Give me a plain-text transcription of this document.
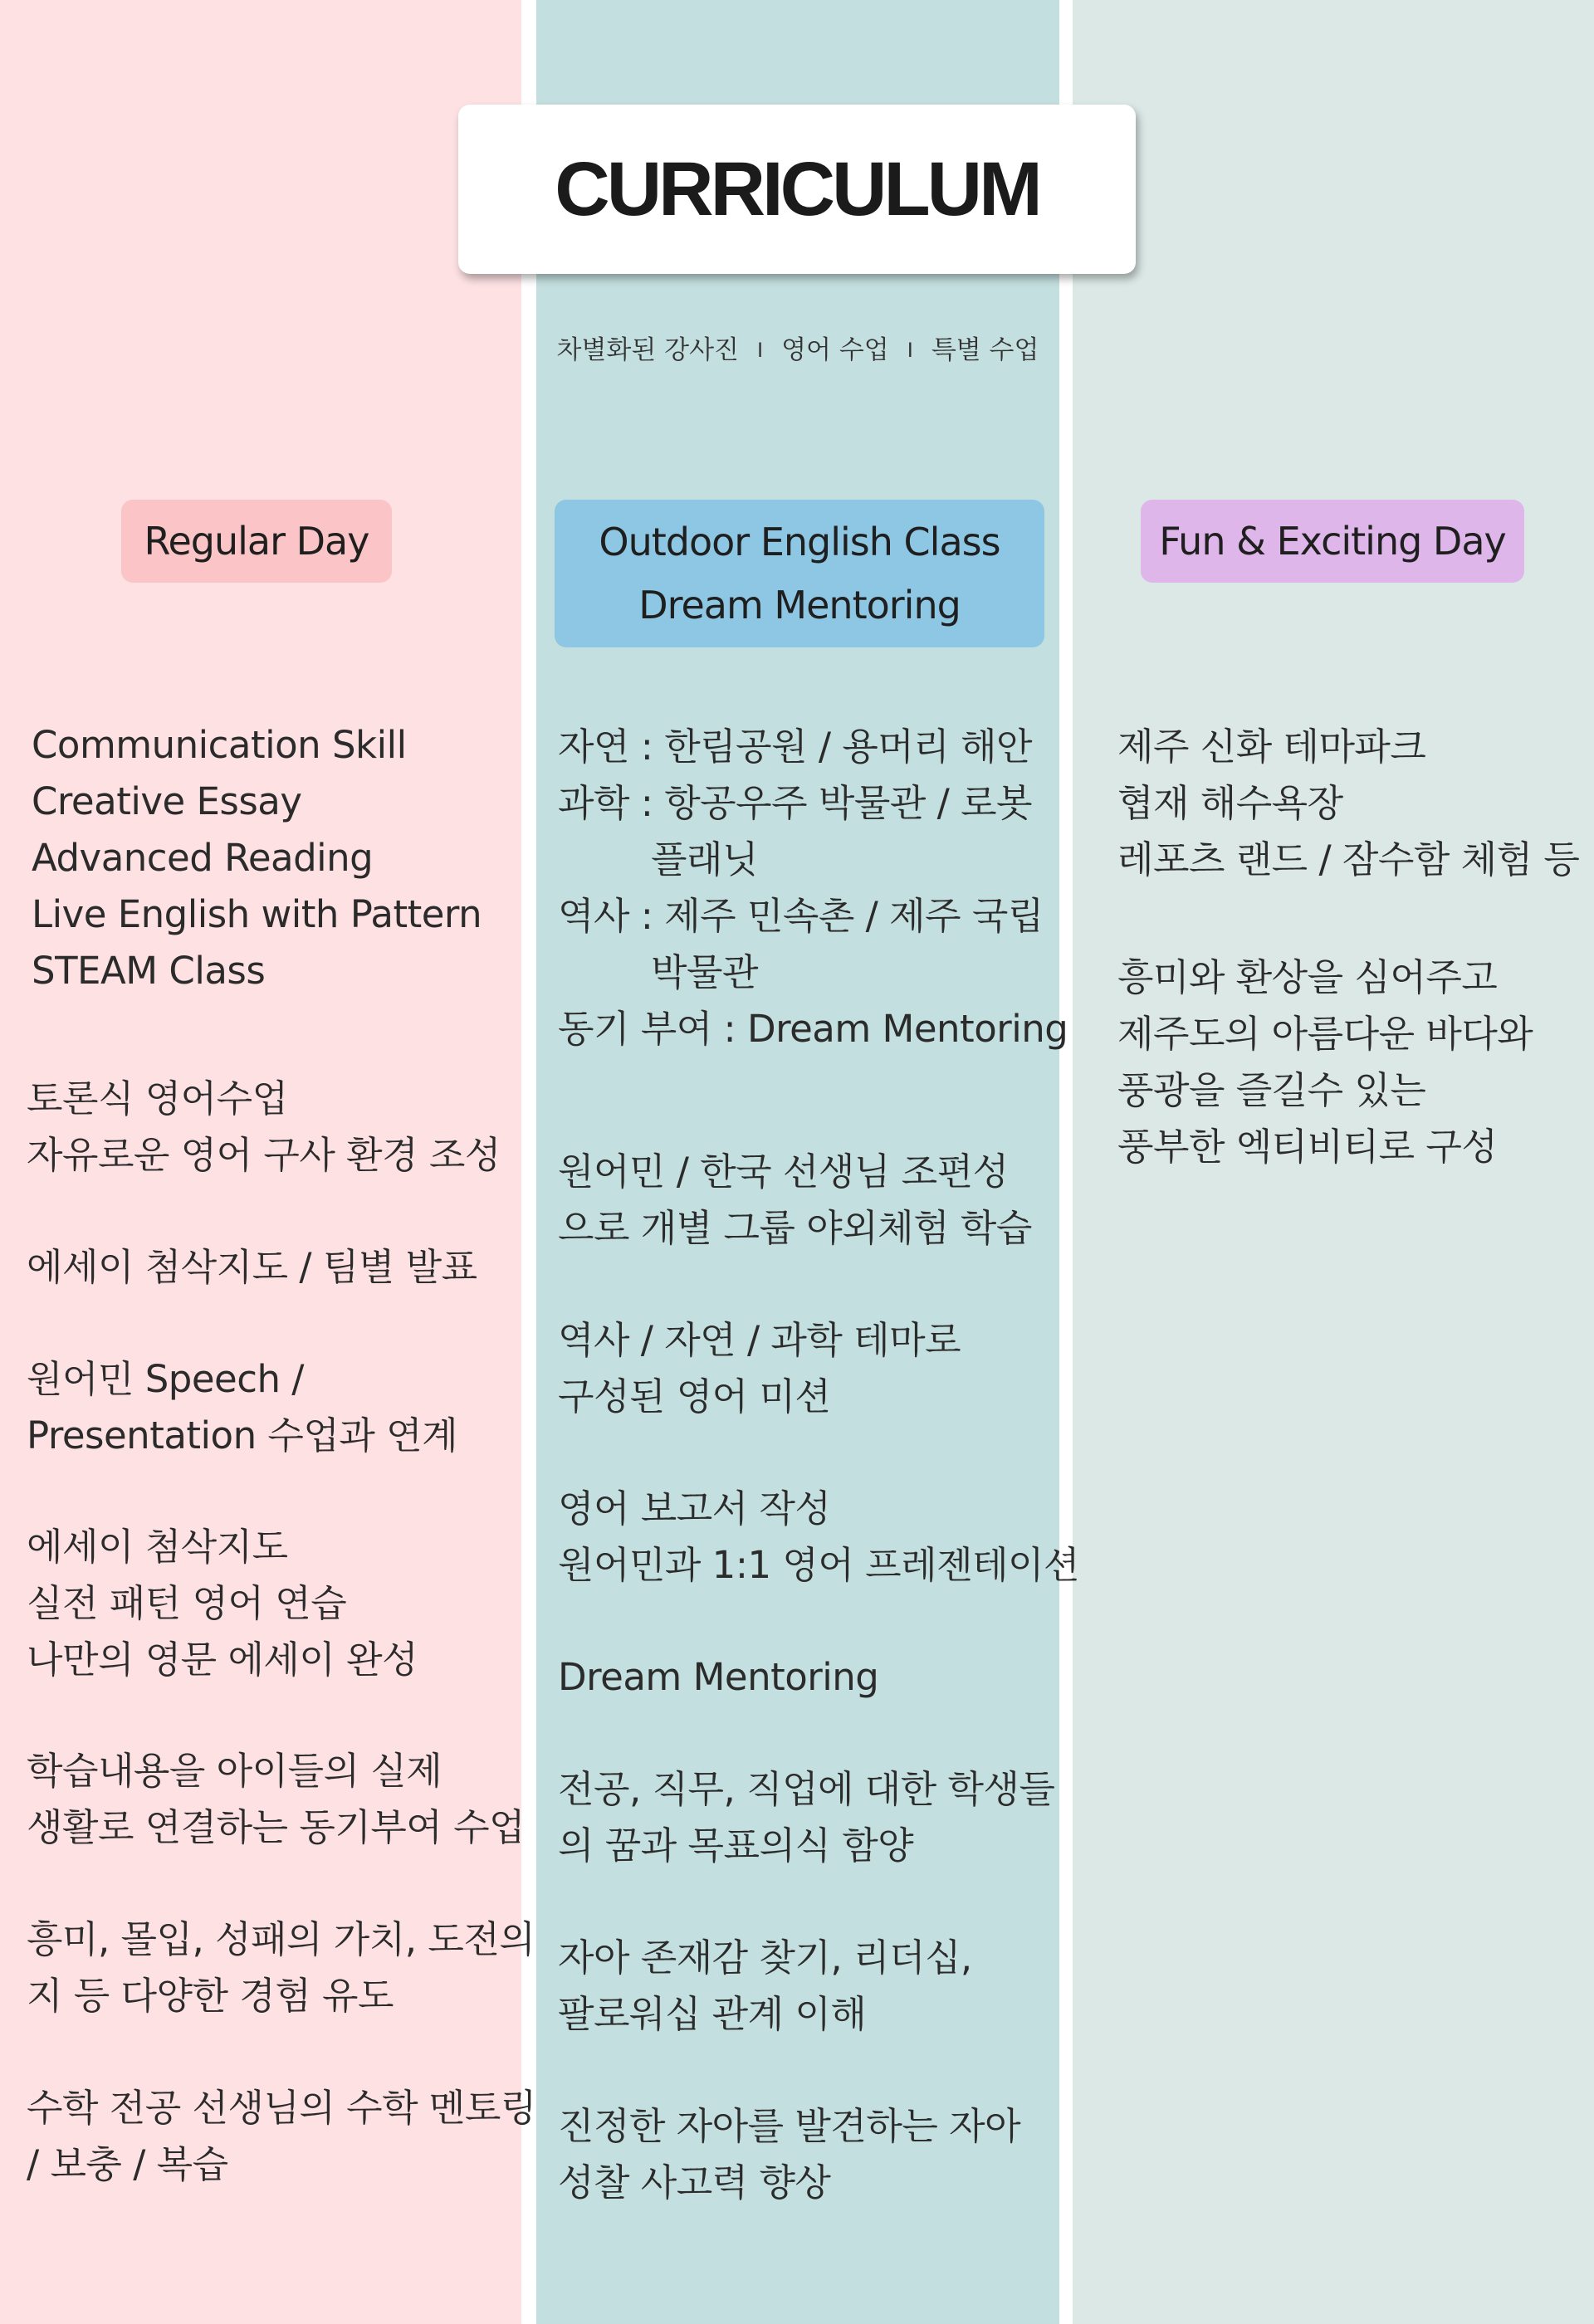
CURRICULUM
차별화된 강사진 I 영어 수업 I 특별 수업
Regular Day	Outdoor English Class
Dream Mentoring
Fun & Exciting Day
Communication Skill
Creative Essay
Advanced Reading
Live English with Pattern
STEAM Class
토론식 영어수업
자유로운 영어 구사 환경 조성
에세이 첨삭지도 / 팀별 발표
원어민 Speech /
Presentation 수업과 연계
에세이 첨삭지도
실전 패턴 영어 연습
나만의 영문 에세이 완성
학습내용을 아이들의 실제
생활로 연결하는 동기부여 수업
흥미, 몰입, 성패의 가치, 도전의
지 등 다양한 경험 유도
수학 전공 선생님의 수학 멘토링
/ 보충 / 복습
자연 : 한림공원 / 용머리 해안
과학 : 항공우주 박물관 / 로봇
플래닛
역사 : 제주 민속촌 / 제주 국립
박물관
동기 부여 : Dream Mentoring
원어민 / 한국 선생님 조편성
으로 개별 그룹 야외체험 학습
역사 / 자연 / 과학 테마로
구성된 영어 미션
영어 보고서 작성
원어민과 1:1 영어 프레젠테이션
Dream Mentoring
전공, 직무, 직업에 대한 학생들
의 꿈과 목표의식 함양
자아 존재감 찾기, 리더십,
팔로워십 관계 이해
진정한 자아를 발견하는 자아
성찰 사고력 향상
제주 신화 테마파크
협재 해수욕장
레포츠 랜드 / 잠수함 체험 등
흥미와 환상을 심어주고
제주도의 아름다운 바다와
풍광을 즐길수 있는
풍부한 엑티비티로 구성
